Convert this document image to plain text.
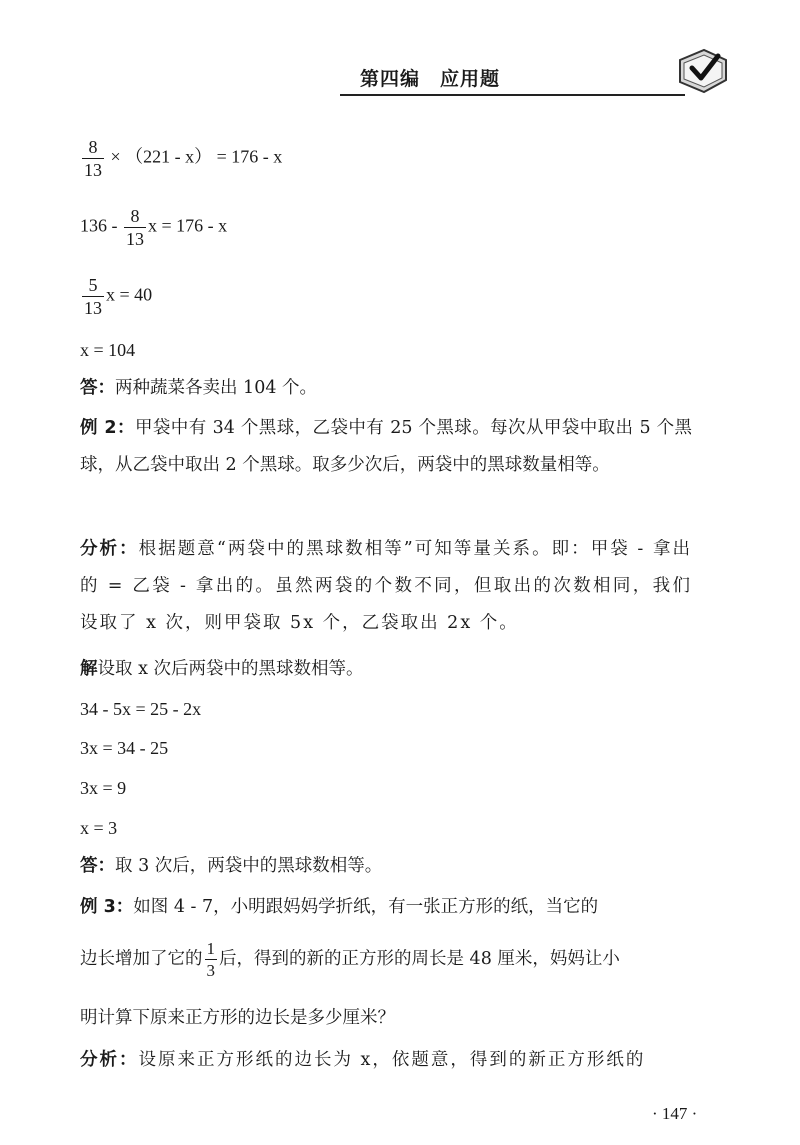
第四编　应用题
$\frac{8}{13} \times (221 - x) = 176 - x$
$136 - \frac{8}{13}$ x = 176 - x
$\frac{5}{13}$ x = 40
x = 104
答：两种蔬菜各卖出 104 个。
例 2：甲袋中有 34 个黑球，乙袋中有 25 个黑球。每次从甲袋中取出 5 个黑球，从乙袋中取出 2 个黑球。取多少次后，两袋中的黑球数量相等。
分析：根据题意“两袋中的黑球数相等”可知等量关系。即：甲袋 - 拿出的 = 乙袋 - 拿出的。虽然两袋的个数不同，但取出的次数相同，我们设取了 x 次，则甲袋取 5x 个，乙袋取出 2x 个。
解设取 x 次后两袋中的黑球数相等。
34 - 5x = 25 - 2x
3x = 34 - 25
3x = 9
x = 3
答：取 3 次后，两袋中的黑球数相等。
例 3：如图 4 - 7，小明跟妈妈学折纸，有一张正方形的纸，当它的
边长增加了它的 $\frac{1}{3}$ 后，得到的新的正方形的周长是 48 厘米，妈妈让小
明计算下原来正方形的边长是多少厘米？
分析：设原来正方形纸的边长为 x，依题意，得到的新正方形纸的
· 147 ·
